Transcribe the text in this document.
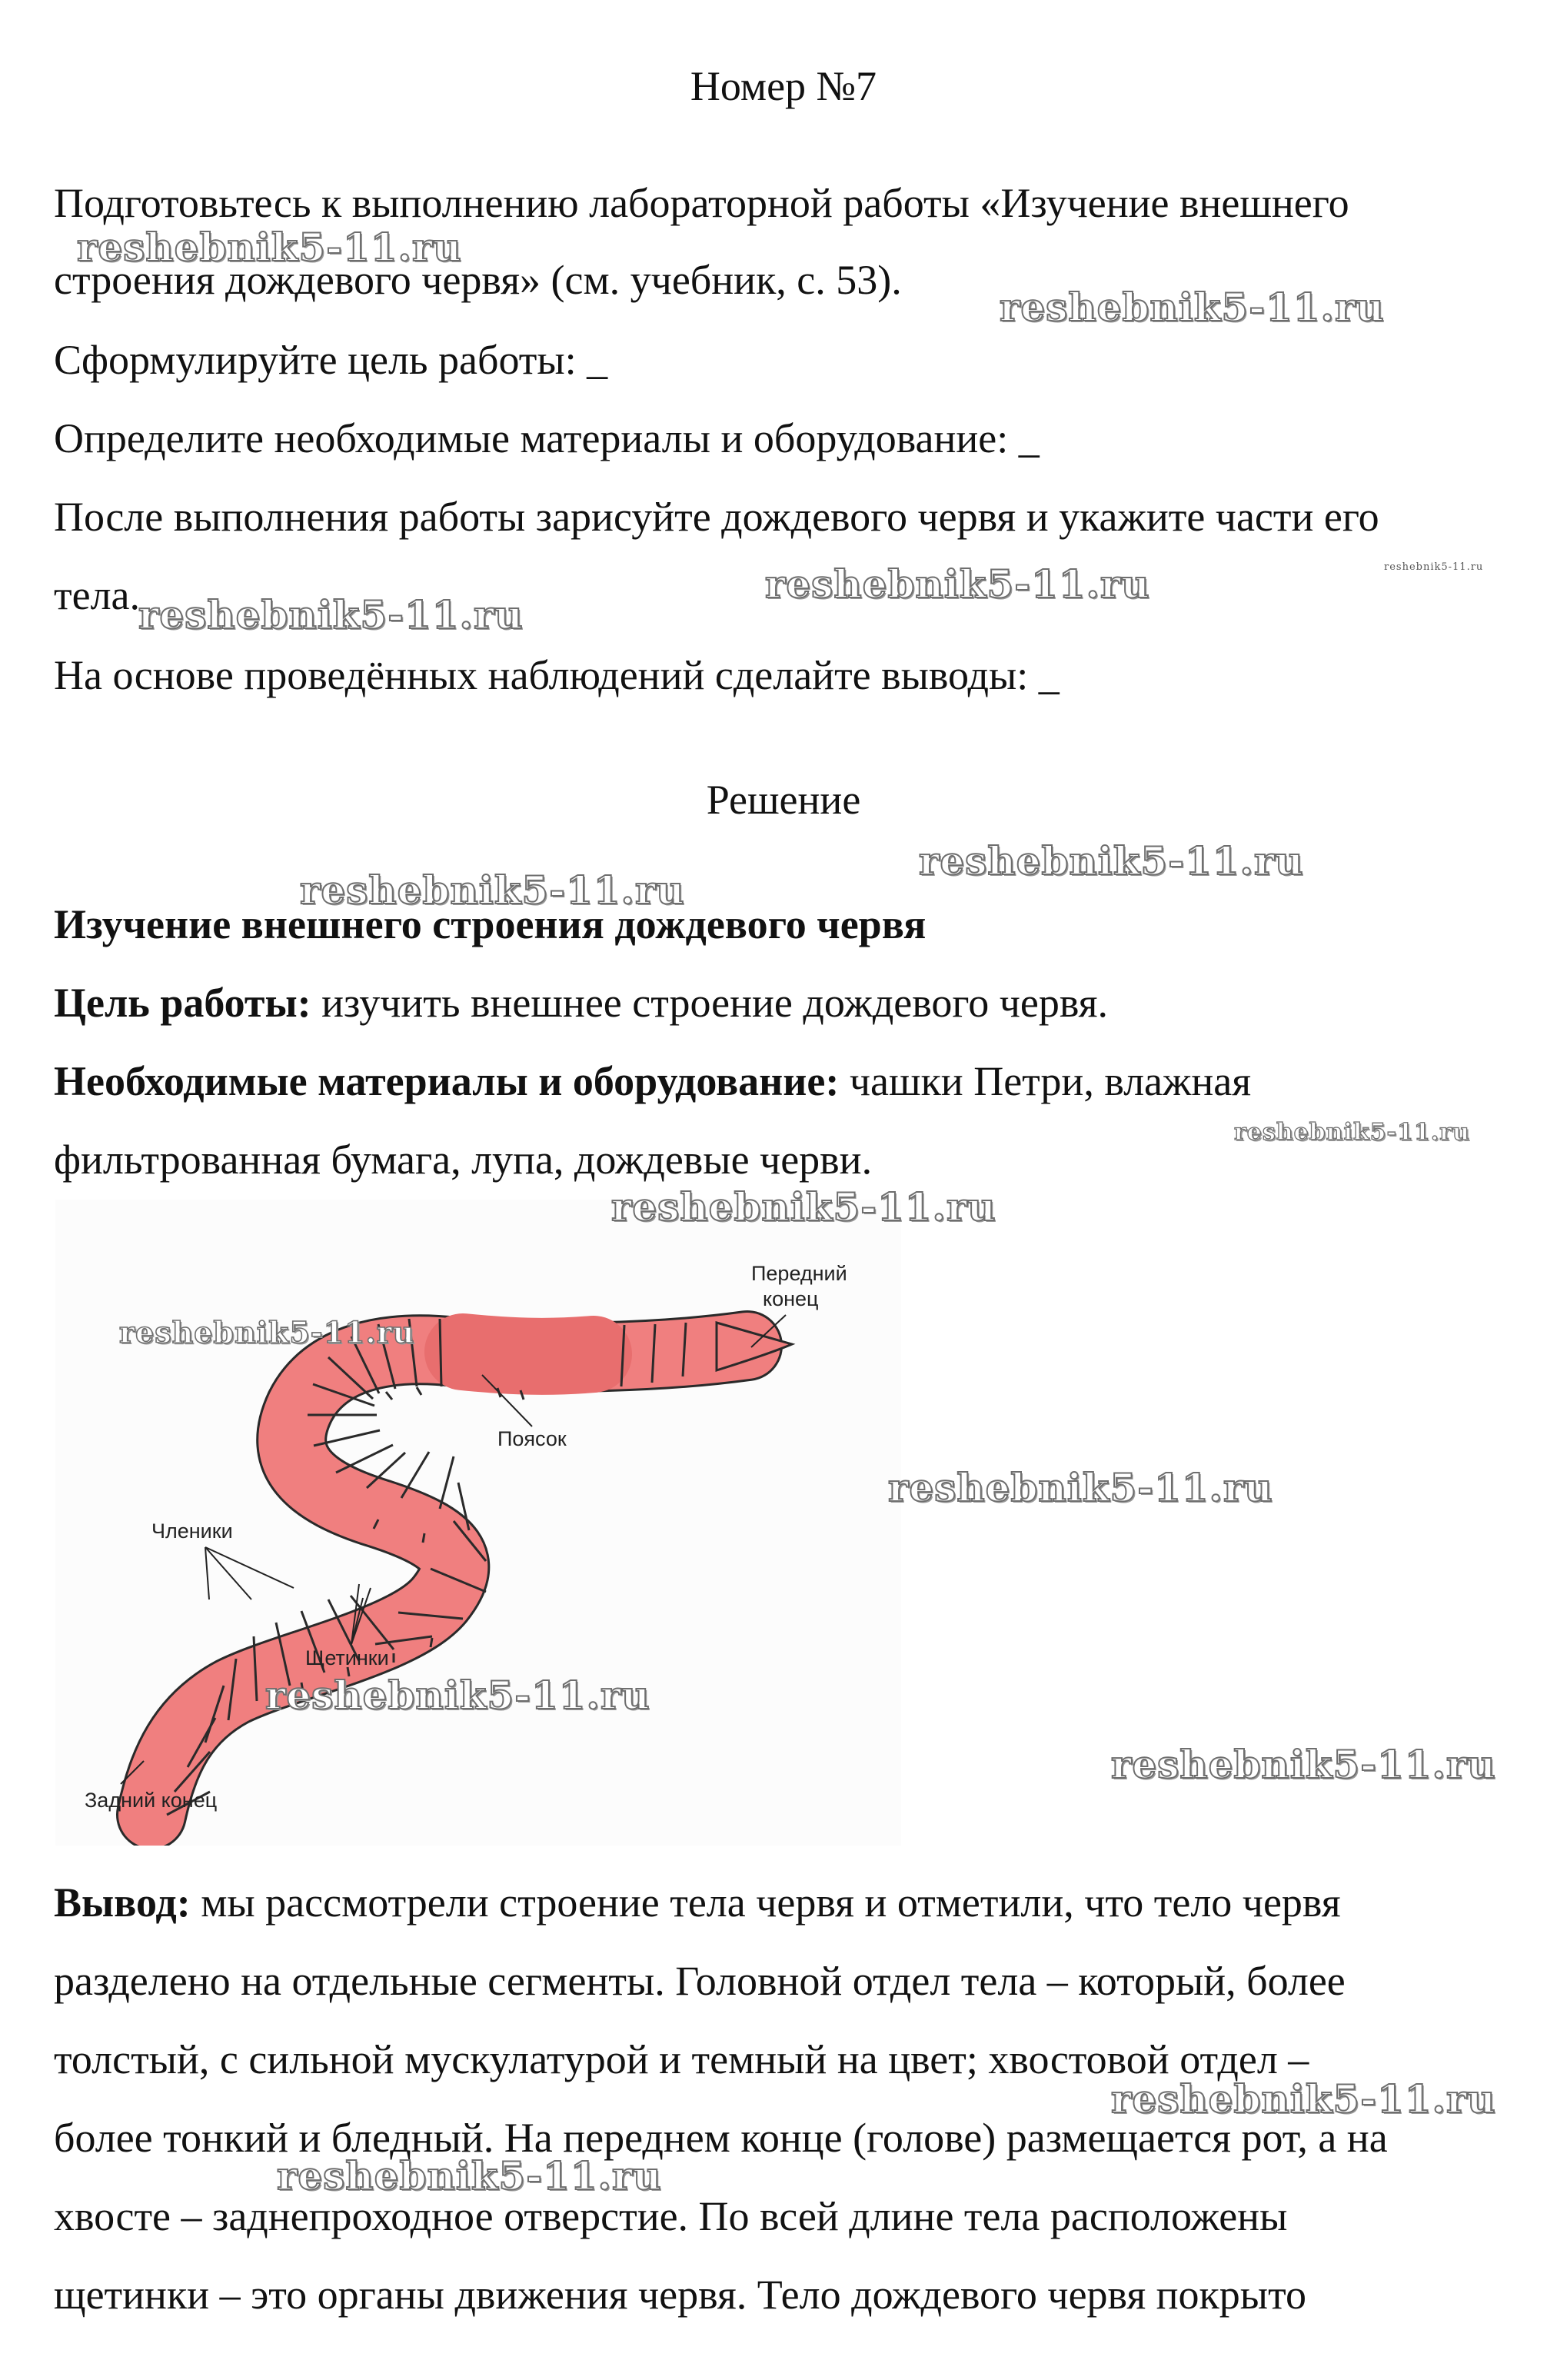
Номер №7
Подготовьтесь к выполнению лабораторной работы «Изучение внешнего
строения дождевого червя» (см. учебник, с. 53).
Сформулируйте цель работы: _
Определите необходимые материалы и оборудование: _
После выполнения работы зарисуйте дождевого червя и укажите части его
тела.
На основе проведённых наблюдений сделайте выводы: _
Решение
Изучение внешнего строения дождевого червя
Цель работы: изучить внешнее строение дождевого червя.
Необходимые материалы и оборудование: чашки Петри, влажная
фильтрованная бумага, лупа, дождевые черви.
Передний
конец
Поясок
Членики
Щетинки
Задний конец
Вывод: мы рассмотрели строение тела червя и отметили, что тело червя
разделено на отдельные сегменты. Головной отдел тела – который, более
толстый, с сильной мускулатурой и темный на цвет; хвостовой отдел –
более тонкий и бледный. На переднем конце (голове) размещается рот, а на
хвосте – заднепроходное отверстие. По всей длине тела расположены
щетинки – это органы движения червя. Тело дождевого червя покрыто
reshebnik5-11.ru
reshebnik5-11.ru
reshebnik5-11.ru
reshebnik5-11.ru
reshebnik5-11.ru
reshebnik5-11.ru
reshebnik5-11.ru
reshebnik5-11.ru
reshebnik5-11.ru
reshebnik5-11.ru
reshebnik5-11.ru
reshebnik5-11.ru
reshebnik5-11.ru
reshebnik5-11.ru
reshebnik5-11.ru
